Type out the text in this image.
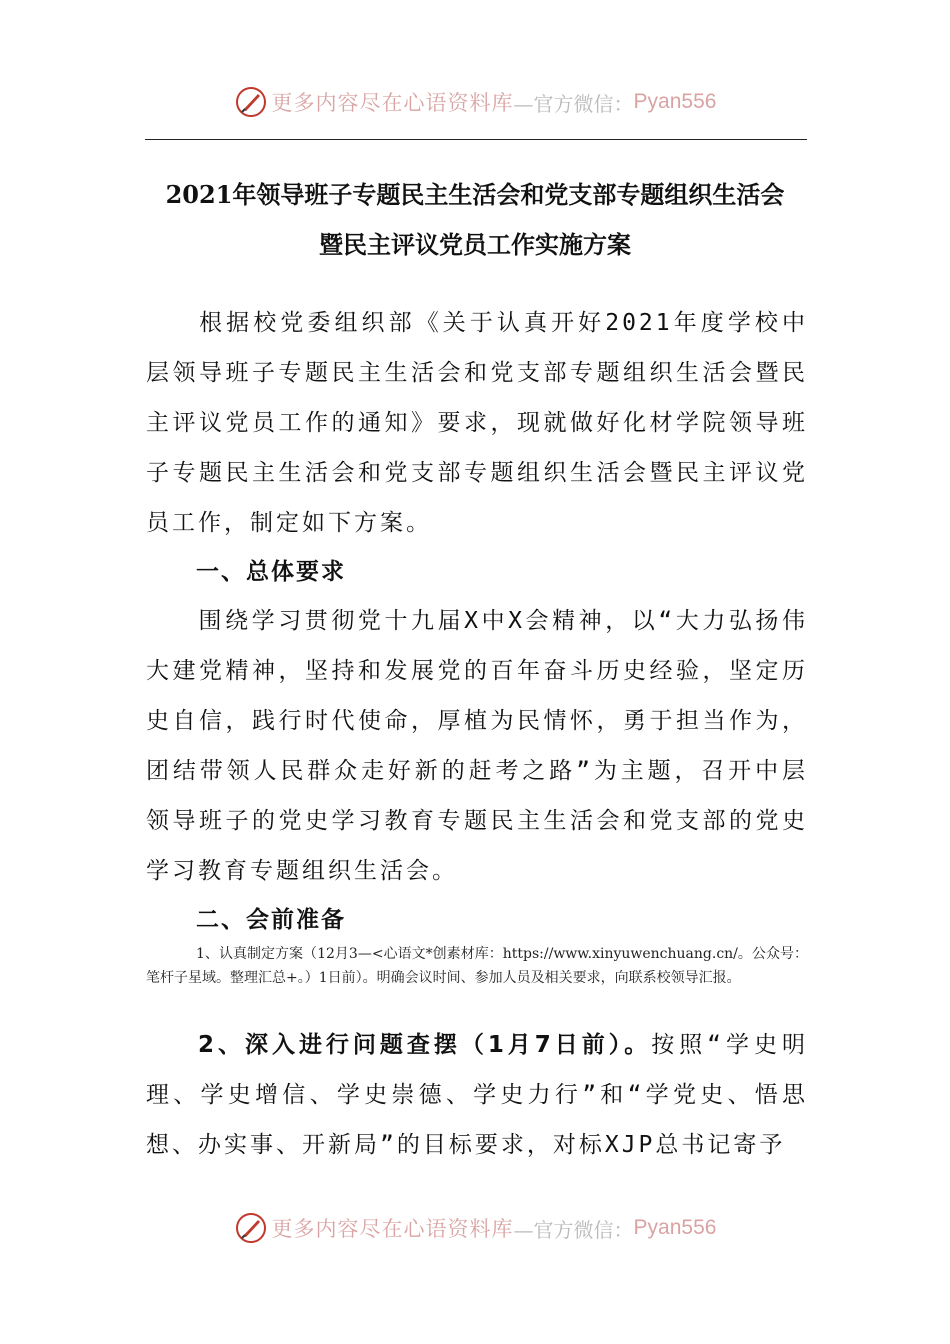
更多内容尽在心语资料库 —官方微信： Pyan556
2021年领导班子专题民主生活会和党支部专题组织生活会
暨民主评议党员工作实施方案
根据校党委组织部《关于认真开好2021年度学校中层领导班子专题民主生活会和党支部专题组织生活会暨民主评议党员工作的通知》要求，现就做好化材学院领导班子专题民主生活会和党支部专题组织生活会暨民主评议党员工作，制定如下方案。
一、总体要求
围绕学习贯彻党十九届X中X会精神，以“大力弘扬伟大建党精神，坚持和发展党的百年奋斗历史经验，坚定历史自信，践行时代使命，厚植为民情怀，勇于担当作为，团结带领人民群众走好新的赶考之路”为主题，召开中层领导班子的党史学习教育专题民主生活会和党支部的党史学习教育专题组织生活会。
二、会前准备
1、认真制定方案（12月3—<心语文*创素材库：https://www.xinyuwenchuang.cn/。公众号：笔杆子星域。整理汇总+。）1日前）。明确会议时间、参加人员及相关要求，向联系校领导汇报。
2、深入进行问题查摆（1月7日前）。按照“学史明理、学史增信、学史崇德、学史力行”和“学党史、悟思想、办实事、开新局”的目标要求，对标XJP总书记寄予
更多内容尽在心语资料库 —官方微信： Pyan556
